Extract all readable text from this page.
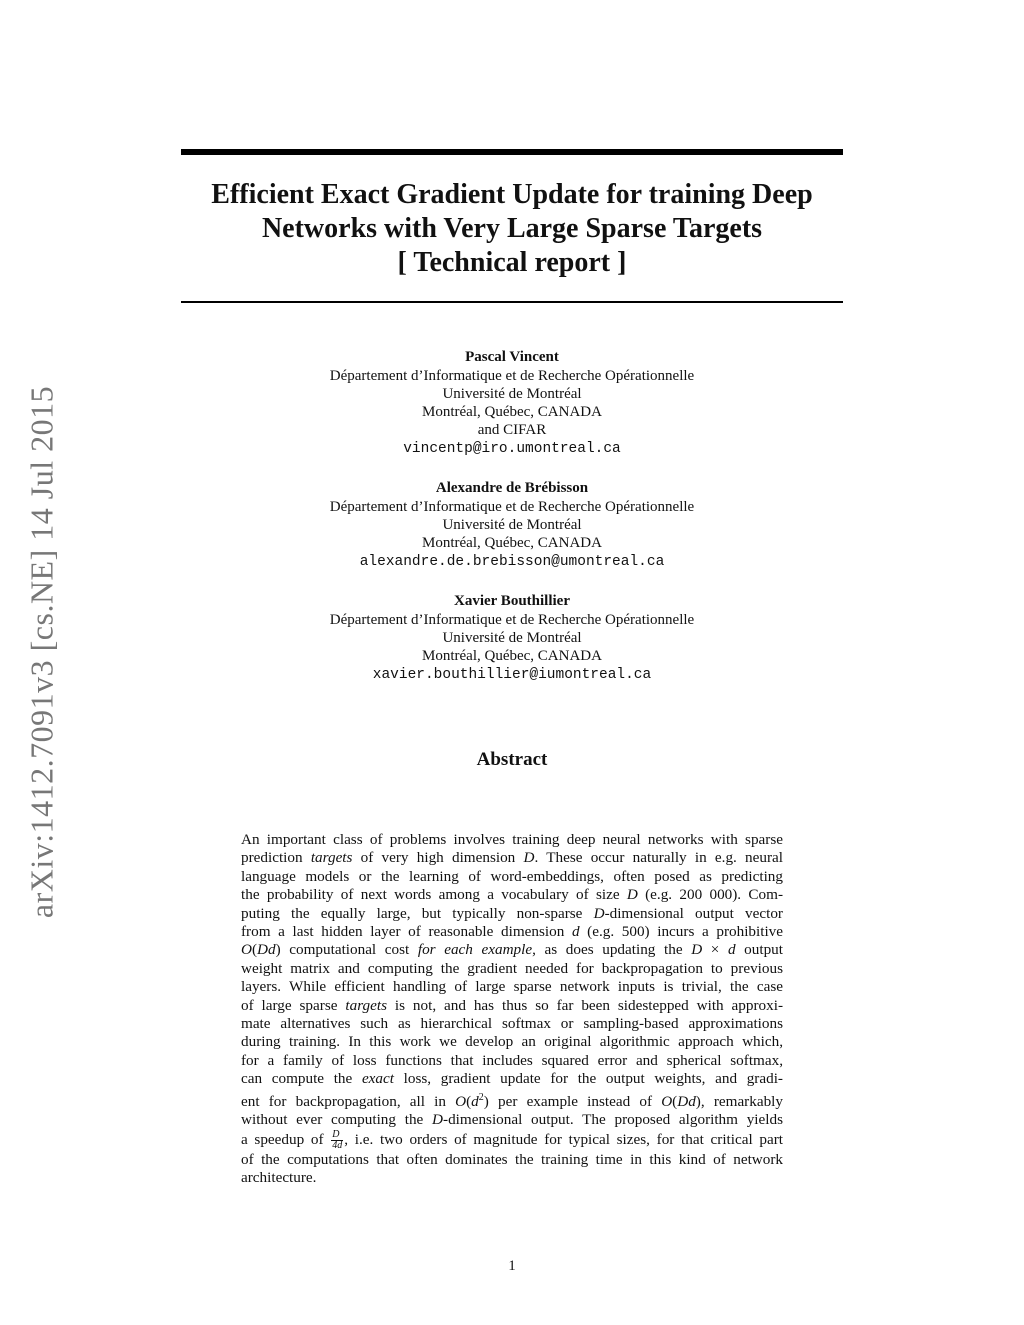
Efficient Exact Gradient Update for training Deep
Networks with Very Large Sparse Targets
[ Technical report ]
arXiv:1412.7091v3 [cs.NE] 14 Jul 2015
Pascal Vincent
Département d’Informatique et de Recherche Opérationnelle
Université de Montréal
Montréal, Québec, CANADA
and CIFAR
vincentp@iro.umontreal.ca
Alexandre de Brébisson
Département d’Informatique et de Recherche Opérationnelle
Université de Montréal
Montréal, Québec, CANADA
alexandre.de.brebisson@umontreal.ca
Xavier Bouthillier
Département d’Informatique et de Recherche Opérationnelle
Université de Montréal
Montréal, Québec, CANADA
xavier.bouthillier@iumontreal.ca
Abstract
An important class of problems involves training deep neural networks with sparse
prediction targets of very high dimension D. These occur naturally in e.g. neural
language models or the learning of word-embeddings, often posed as predicting
the probability of next words among a vocabulary of size D (e.g. 200 000). Com-
puting the equally large, but typically non-sparse D-dimensional output vector
from a last hidden layer of reasonable dimension d (e.g. 500) incurs a prohibitive
O(Dd) computational cost for each example, as does updating the D × d output
weight matrix and computing the gradient needed for backpropagation to previous
layers. While efficient handling of large sparse network inputs is trivial, the case
of large sparse targets is not, and has thus so far been sidestepped with approxi-
mate alternatives such as hierarchical softmax or sampling-based approximations
during training. In this work we develop an original algorithmic approach which,
for a family of loss functions that includes squared error and spherical softmax,
can compute the exact loss, gradient update for the output weights, and gradi-
ent for backpropagation, all in $O(d^2)$ per example instead of O(Dd), remarkably
without ever computing the D-dimensional output. The proposed algorithm yields
a speedup of $\frac{D}{4d}$ , i.e. two orders of magnitude for typical sizes, for that critical part
of the computations that often dominates the training time in this kind of network
architecture.
1
